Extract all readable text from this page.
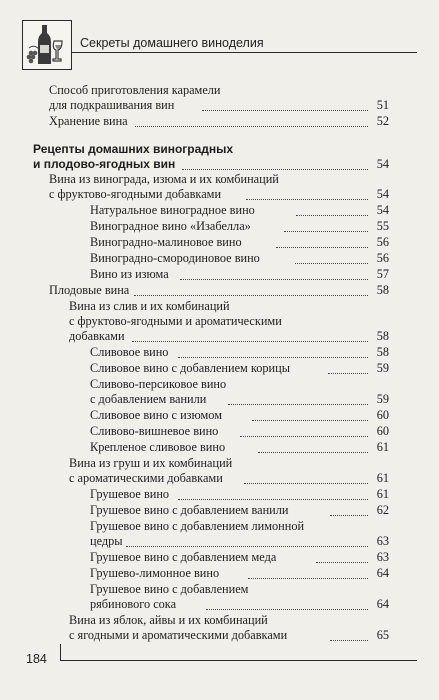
Секреты домашнего виноделия
Способ приготовления карамели
для подкрашивания вин	51
Хранение вина	52
Рецепты домашних виноградных
и плодово-ягодных вин	54
Вина из винограда, изюма и их комбинаций
с фруктово-ягодными добавками	54
Натуральное виноградное вино	54
Виноградное вино «Изабелла»	55
Виноградно-малиновое вино	56
Виноградно-смородиновое вино	56
Вино из изюма	57
Плодовые вина	58
Вина из слив и их комбинаций
с фруктово-ягодными и ароматическими
добавками	58
Сливовое вино	58
Сливовое вино с добавлением корицы	59
Сливово-персиковое вино
с добавлением ванили	59
Сливовое вино с изюмом	60
Сливово-вишневое вино	60
Крепленое сливовое вино	61
Вина из груш и их комбинаций
с ароматическими добавками	61
Грушевое вино	61
Грушевое вино с добавлением ванили	62
Грушевое вино с добавлением лимонной
цедры	63
Грушевое вино с добавлением меда	63
Грушево-лимонное вино	64
Грушевое вино с добавлением
рябинового сока	64
Вина из яблок, айвы и их комбинаций
с ягодными и ароматическими добавками	65
184
